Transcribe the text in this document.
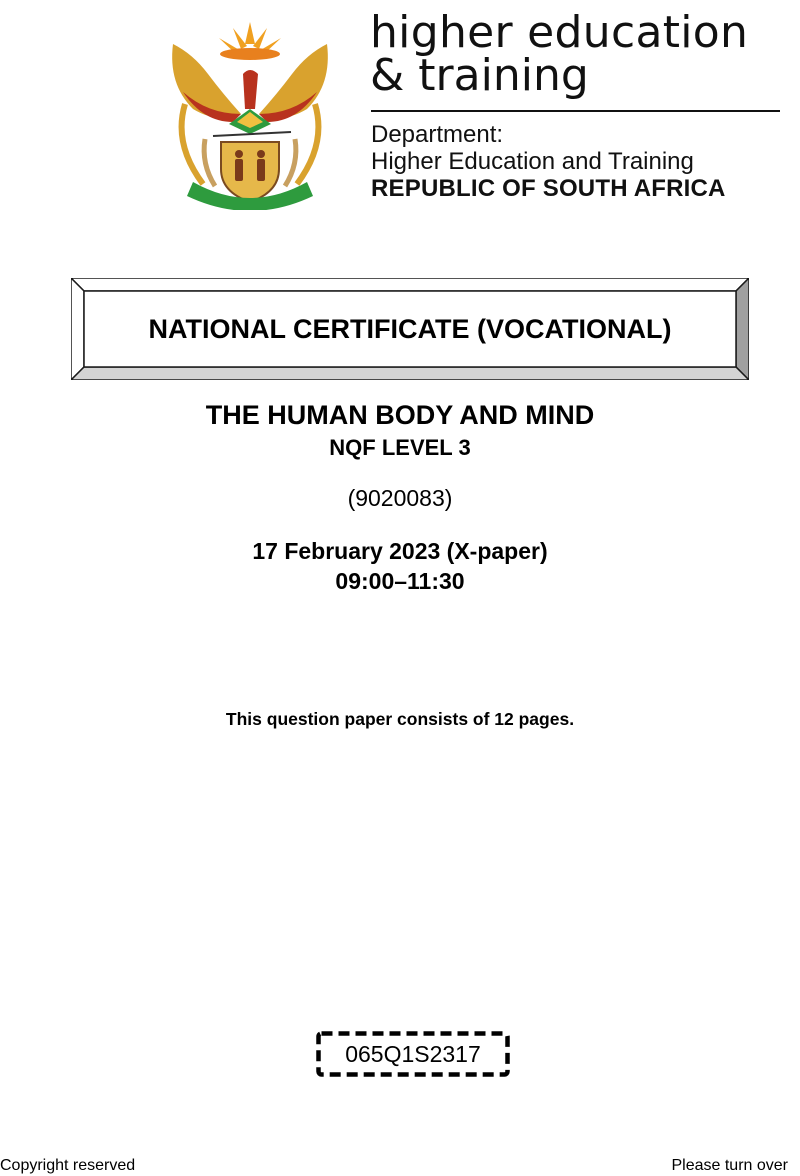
higher education
& training
Department:
Higher Education and Training
REPUBLIC OF SOUTH AFRICA
NATIONAL CERTIFICATE (VOCATIONAL)
THE HUMAN BODY AND MIND
NQF LEVEL 3
(9020083)
17 February 2023 (X-paper)
09:00–11:30
This question paper consists of 12 pages.
065Q1S2317
Copyright reserved	Please turn over
